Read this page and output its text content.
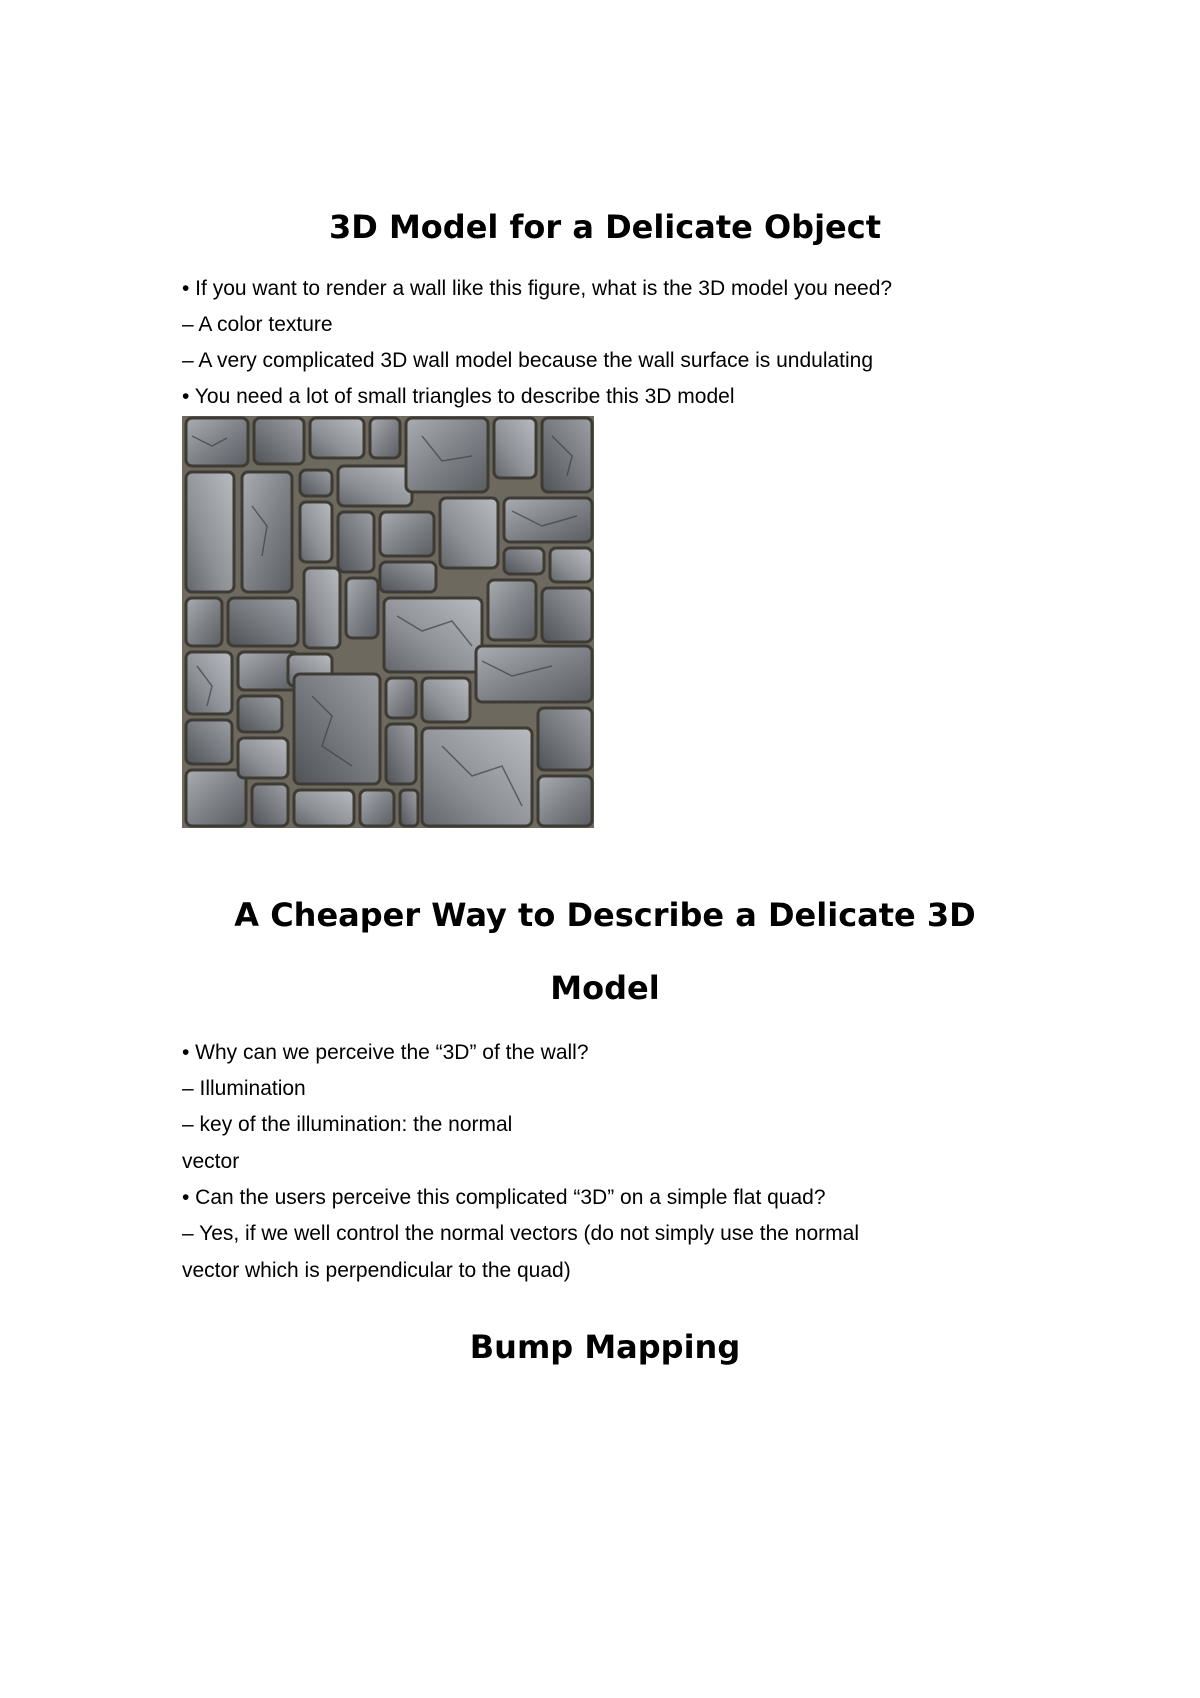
3D Model for a Delicate Object

• If you want to render a wall like this figure, what is the 3D model you need?

– A color texture

– A very complicated 3D wall model because the wall surface is undulating

• You need a lot of small triangles to describe this 3D model

A Cheaper Way to Describe a Delicate 3D
Model

• Why can we perceive the “3D” of the wall?

– Illumination

– key of the illumination: the normal

vector

• Can the users perceive this complicated “3D” on a simple flat quad?

– Yes, if we well control the normal vectors (do not simply use the normal

vector which is perpendicular to the quad)

Bump Mapping
